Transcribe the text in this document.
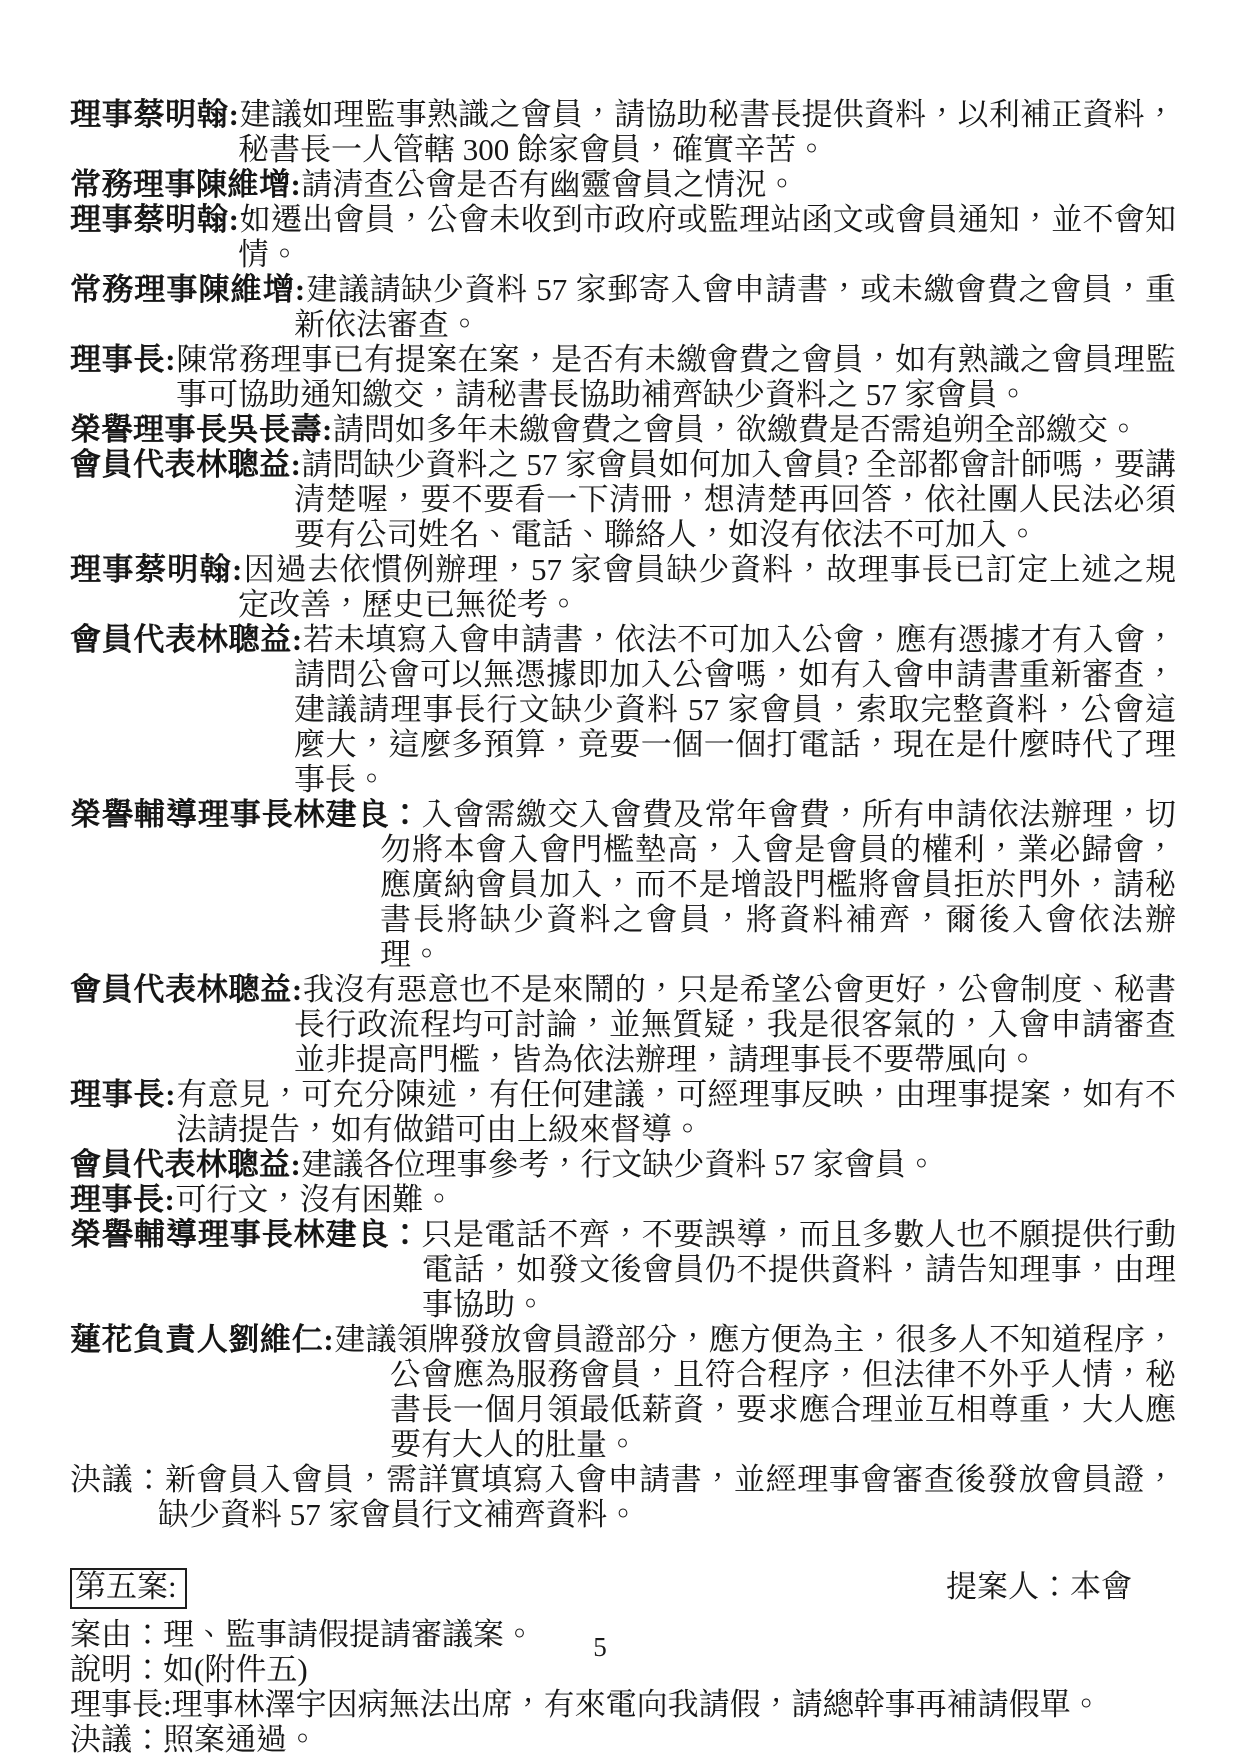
理事蔡明翰:建議如理監事熟識之會員，請協助秘書長提供資料，以利補正資料，秘書長一人管轄 300 餘家會員，確實辛苦。

常務理事陳維增:請清查公會是否有幽靈會員之情況。

理事蔡明翰:如遷出會員，公會未收到市政府或監理站函文或會員通知，並不會知情。

常務理事陳維增:建議請缺少資料 57 家郵寄入會申請書，或未繳會費之會員，重新依法審查。

理事長:陳常務理事已有提案在案，是否有未繳會費之會員，如有熟識之會員理監事可協助通知繳交，請秘書長協助補齊缺少資料之 57 家會員。

榮譽理事長吳長壽:請問如多年未繳會費之會員，欲繳費是否需追朔全部繳交。

會員代表林聰益:請問缺少資料之 57 家會員如何加入會員? 全部都會計師嗎，要講清楚喔，要不要看一下清冊，想清楚再回答，依社團人民法必須要有公司姓名、電話、聯絡人，如沒有依法不可加入。

理事蔡明翰:因過去依慣例辦理，57 家會員缺少資料，故理事長已訂定上述之規定改善，歷史已無從考。

會員代表林聰益:若未填寫入會申請書，依法不可加入公會，應有憑據才有入會，請問公會可以無憑據即加入公會嗎，如有入會申請書重新審查，建議請理事長行文缺少資料 57 家會員，索取完整資料，公會這麼大，這麼多預算，竟要一個一個打電話，現在是什麼時代了理事長。

榮譽輔導理事長林建良：入會需繳交入會費及常年會費，所有申請依法辦理，切勿將本會入會門檻墊高，入會是會員的權利，業必歸會，應廣納會員加入，而不是增設門檻將會員拒於門外，請秘書長將缺少資料之會員，將資料補齊，爾後入會依法辦理。

會員代表林聰益:我沒有惡意也不是來鬧的，只是希望公會更好，公會制度、秘書長行政流程均可討論，並無質疑，我是很客氣的，入會申請審查並非提高門檻，皆為依法辦理，請理事長不要帶風向。

理事長:有意見，可充分陳述，有任何建議，可經理事反映，由理事提案，如有不法請提告，如有做錯可由上級來督導。

會員代表林聰益:建議各位理事參考，行文缺少資料 57 家會員。

理事長:可行文，沒有困難。

榮譽輔導理事長林建良：只是電話不齊，不要誤導，而且多數人也不願提供行動電話，如發文後會員仍不提供資料，請告知理事，由理事協助。

蓮花負責人劉維仁:建議領牌發放會員證部分，應方便為主，很多人不知道程序，公會應為服務會員，且符合程序，但法律不外乎人情，秘書長一個月領最低薪資，要求應合理並互相尊重，大人應要有大人的肚量。

決議：新會員入會員，需詳實填寫入會申請書，並經理事會審查後發放會員證，缺少資料 57 家會員行文補齊資料。

第五案:	提案人：本會

案由：理、監事請假提請審議案。

說明：如(附件五)

理事長:理事林澤宇因病無法出席，有來電向我請假，請總幹事再補請假單。

決議：照案通過。

5
